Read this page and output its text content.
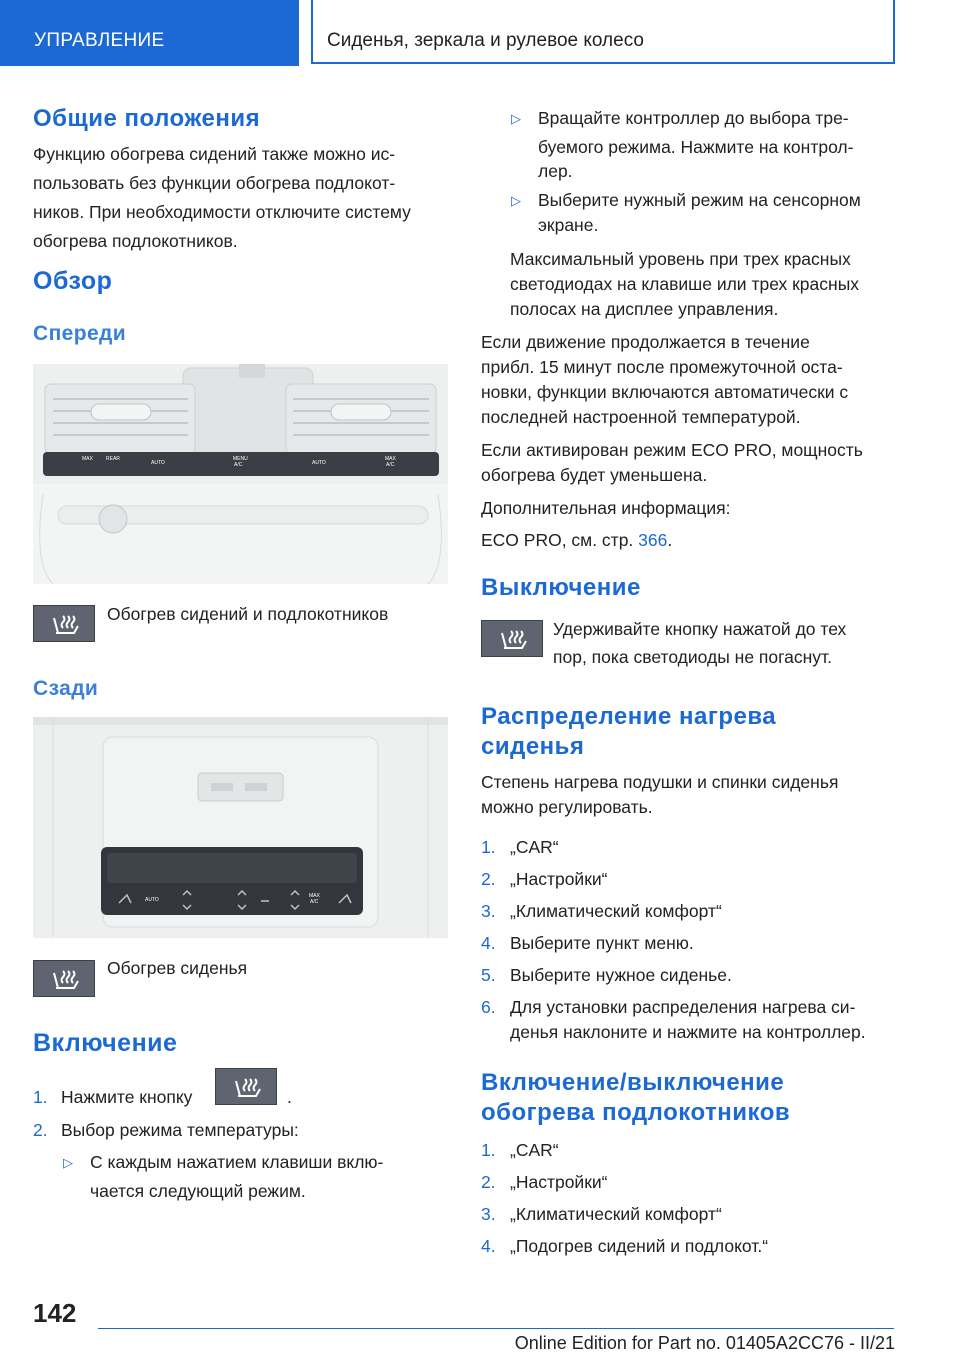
УПРАВЛЕНИЕ	Сиденья, зеркала и рулевое колесо
Общие положения
Функцию обогрева сидений также можно ис-
пользовать без функции обогрева подлокот-
ников. При необходимости отключите систему
обогрева подлокотников.
Обзор
Спереди
MAX	REAR
AUTO
MENU
A/C	AUTO
MAX
A/C
Обогрев сидений и подлокотников
Сзади
AUTO
MAX
A/C
Обогрев сиденья
Включение
1. Нажмите кнопку	.
2. Выбор режима температуры:
▷ С каждым нажатием клавиши вклю-
чается следующий режим.
▷ Вращайте контроллер до выбора тре-
буемого режима. Нажмите на контрол-
лер.
▷ Выберите нужный режим на сенсорном
экране.
Максимальный уровень при трех красных
светодиодах на клавише или трех красных
полосах на дисплее управления.
Если движение продолжается в течение
прибл. 15 минут после промежуточной оста-
новки, функции включаются автоматически с
последней настроенной температурой.
Если активирован режим ECO PRO, мощность
обогрева будет уменьшена.
Дополнительная информация:
ECO PRO, см. стр. 366.
Выключение
Удерживайте кнопку нажатой до тех
пор, пока светодиоды не погаснут.
Распределение нагрева
сиденья
Степень нагрева подушки и спинки сиденья
можно регулировать.
1. „CAR“
2. „Настройки“
3. „Климатический комфорт“
4. Выберите пункт меню.
5. Выберите нужное сиденье.
6. Для установки распределения нагрева си-
денья наклоните и нажмите на контроллер.
Включение/выключение
обогрева подлокотников
1. „CAR“
2. „Настройки“
3. „Климатический комфорт“
4. „Подогрев сидений и подлокот.“
142
Online Edition for Part no. 01405A2CC76 - II/21
